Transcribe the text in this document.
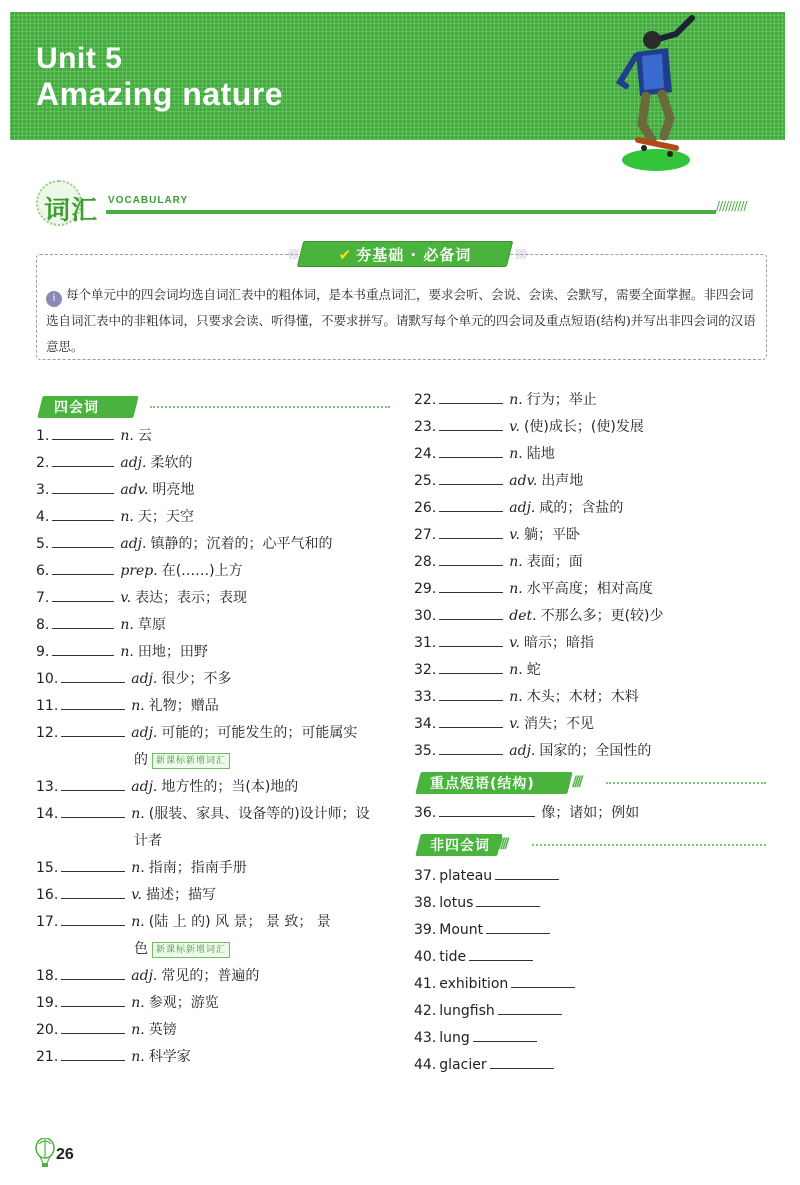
Unit 5
Amazing nature
词汇 VOCABULARY	//////////
《《《	✔ 夯基础 · 必备词	》》》
i 每个单元中的四会词均选自词汇表中的粗体词，是本书重点词汇，要求会听、会说、会读、会默写，需要全面掌握。非四会词选自词汇表中的非粗体词，只要求会读、听得懂，不要求拼写。请默写每个单元的四会词及重点短语(结构)并写出非四会词的汉语意思。
四会词 ////
1.	n. 云
2.	adj. 柔软的
3.	adv. 明亮地
4.	n. 天；天空
5.	adj. 镇静的；沉着的；心平气和的
6.	prep. 在(……)上方
7.	v. 表达；表示；表现
8.	n. 草原
9.	n. 田地；田野
10.	adj. 很少；不多
11.	n. 礼物；赠品
12.	adj. 可能的；可能发生的；可能属实
的 新课标新增词汇
13.	adj. 地方性的；当(本)地的
14.	n. (服装、家具、设备等的)设计师；设
计者
15.	n. 指南；指南手册
16.	v. 描述；描写
17.	n. (陆 上 的) 风 景； 景 致； 景
色 新课标新增词汇
18.	adj. 常见的；普遍的
19.	n. 参观；游览
20.	n. 英镑
21.	n. 科学家
22.	n. 行为；举止
23.	v. (使)成长；(使)发展
24.	n. 陆地
25.	adv. 出声地
26.	adj. 咸的；含盐的
27.	v. 躺；平卧
28.	n. 表面；面
29.	n. 水平高度；相对高度
30.	det. 不那么多；更(较)少
31.	v. 暗示；暗指
32.	n. 蛇
33.	n. 木头；木材；木料
34.	v. 消失；不见
35.	adj. 国家的；全国性的
重点短语(结构)	////
36.	像；诸如；例如
非四会词 ////
37. plateau
38. lotus
39. Mount
40. tide
41. exhibition
42. lungfish
43. lung
44. glacier
26
